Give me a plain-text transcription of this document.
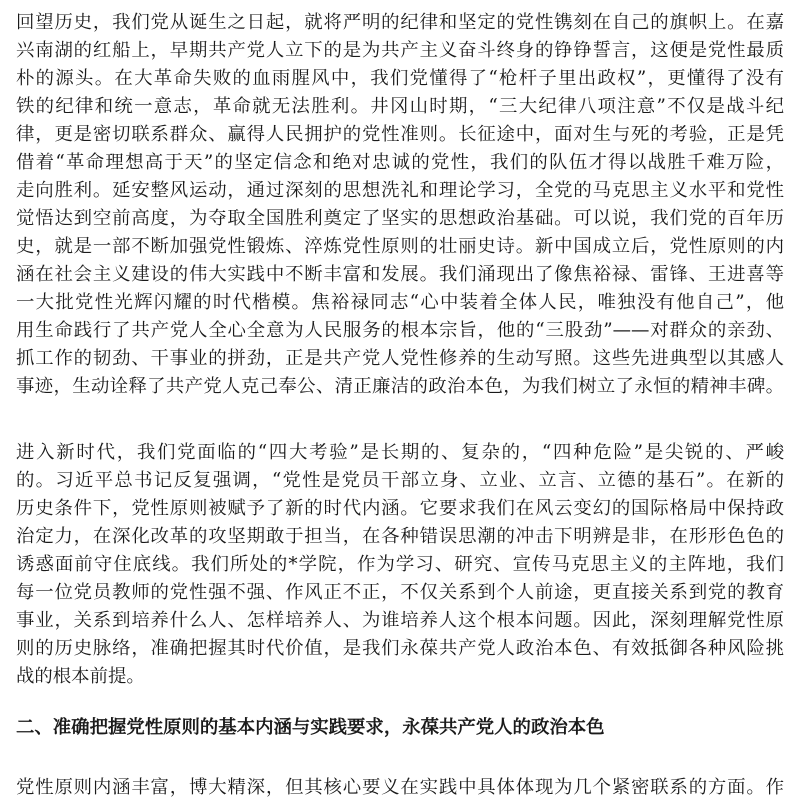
回望历史，我们党从诞生之日起，就将严明的纪律和坚定的党性镌刻在自己的旗帜上。在嘉
兴南湖的红船上，早期共产党人立下的是为共产主义奋斗终身的铮铮誓言，这便是党性最质
朴的源头。在大革命失败的血雨腥风中，我们党懂得了“枪杆子里出政权”，更懂得了没有
铁的纪律和统一意志，革命就无法胜利。井冈山时期，“三大纪律八项注意”不仅是战斗纪
律，更是密切联系群众、赢得人民拥护的党性准则。长征途中，面对生与死的考验，正是凭
借着“革命理想高于天”的坚定信念和绝对忠诚的党性，我们的队伍才得以战胜千难万险，
走向胜利。延安整风运动，通过深刻的思想洗礼和理论学习，全党的马克思主义水平和党性
觉悟达到空前高度，为夺取全国胜利奠定了坚实的思想政治基础。可以说，我们党的百年历
史，就是一部不断加强党性锻炼、淬炼党性原则的壮丽史诗。新中国成立后，党性原则的内
涵在社会主义建设的伟大实践中不断丰富和发展。我们涌现出了像焦裕禄、雷锋、王进喜等
一大批党性光辉闪耀的时代楷模。焦裕禄同志“心中装着全体人民，唯独没有他自己”，他
用生命践行了共产党人全心全意为人民服务的根本宗旨，他的“三股劲”——对群众的亲劲、
抓工作的韧劲、干事业的拼劲，正是共产党人党性修养的生动写照。这些先进典型以其感人
事迹，生动诠释了共产党人克己奉公、清正廉洁的政治本色，为我们树立了永恒的精神丰碑。
进入新时代，我们党面临的“四大考验”是长期的、复杂的，“四种危险”是尖锐的、严峻
的。习近平总书记反复强调，“党性是党员干部立身、立业、立言、立德的基石”。在新的
历史条件下，党性原则被赋予了新的时代内涵。它要求我们在风云变幻的国际格局中保持政
治定力，在深化改革的攻坚期敢于担当，在各种错误思潮的冲击下明辨是非，在形形色色的
诱惑面前守住底线。我们所处的*学院，作为学习、研究、宣传马克思主义的主阵地，我们
每一位党员教师的党性强不强、作风正不正，不仅关系到个人前途，更直接关系到党的教育
事业，关系到培养什么人、怎样培养人、为谁培养人这个根本问题。因此，深刻理解党性原
则的历史脉络，准确把握其时代价值，是我们永葆共产党人政治本色、有效抵御各种风险挑
战的根本前提。
二、准确把握党性原则的基本内涵与实践要求，永葆共产党人的政治本色
党性原则内涵丰富，博大精深，但其核心要义在实践中具体体现为几个紧密联系的方面。作
